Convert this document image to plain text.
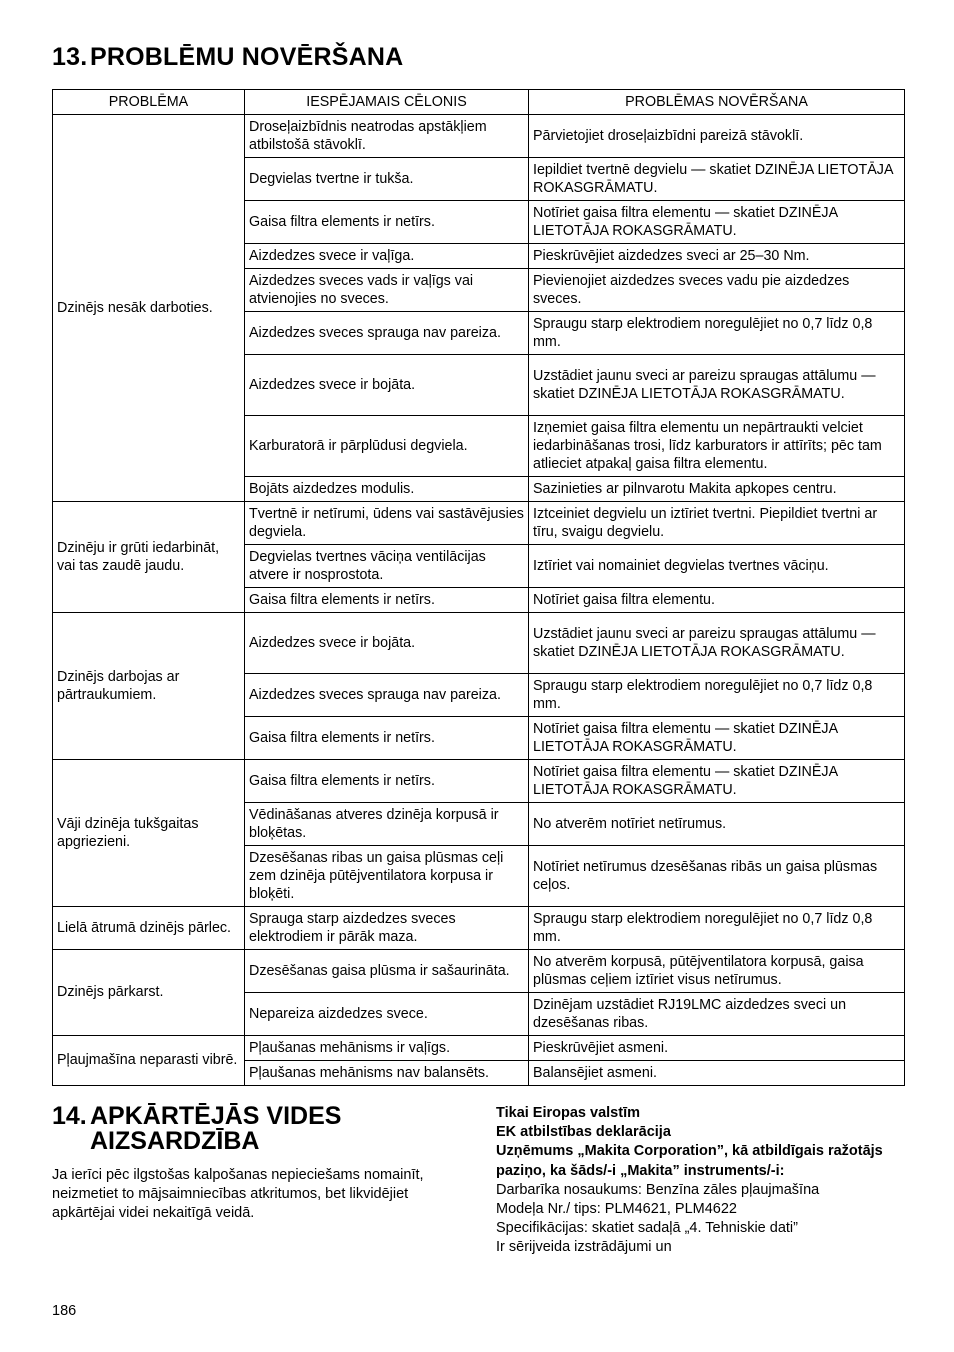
13. PROBLĒMU NOVĒRŠANA
PROBLĒMA	IESPĒJAMAIS CĒLONIS	PROBLĒMAS NOVĒRŠANA
Dzinējs nesāk darboties.	Droseļaizbīdnis neatrodas apstākļiem atbilstošā stāvoklī.	Pārvietojiet droseļaizbīdni pareizā stāvoklī.
	Degvielas tvertne ir tukša.	Iepildiet tvertnē degvielu — skatiet DZINĒJA LIETOTĀJA ROKASGRĀMATU.
	Gaisa filtra elements ir netīrs.	Notīriet gaisa filtra elementu — skatiet DZINĒJA LIETOTĀJA ROKASGRĀMATU.
	Aizdedzes svece ir vaļīga.	Pieskrūvējiet aizdedzes sveci ar 25–30 Nm.
	Aizdedzes sveces vads ir vaļīgs vai atvienojies no sveces.	Pievienojiet aizdedzes sveces vadu pie aizdedzes sveces.
	Aizdedzes sveces sprauga nav pareiza.	Spraugu starp elektrodiem noregulējiet no 0,7 līdz 0,8 mm.
	Aizdedzes svece ir bojāta.	Uzstādiet jaunu sveci ar pareizu spraugas attālumu — skatiet DZINĒJA LIETOTĀJA ROKASGRĀMATU.
	Karburatorā ir pārplūdusi degviela.	Izņemiet gaisa filtra elementu un nepārtraukti velciet iedarbināšanas trosi, līdz karburators ir attīrīts; pēc tam atlieciet atpakaļ gaisa filtra elementu.
	Bojāts aizdedzes modulis.	Sazinieties ar pilnvarotu Makita apkopes centru.
Dzinēju ir grūti iedarbināt, vai tas zaudē jaudu.	Tvertnē ir netīrumi, ūdens vai sastāvējusies degviela.	Iztceiniet degvielu un iztīriet tvertni. Piepildiet tvertni ar tīru, svaigu degvielu.
	Degvielas tvertnes vāciņa ventilācijas atvere ir nosprostota.	Iztīriet vai nomainiet degvielas tvertnes vāciņu.
	Gaisa filtra elements ir netīrs.	Notīriet gaisa filtra elementu.
Dzinējs darbojas ar pārtraukumiem.	Aizdedzes svece ir bojāta.	Uzstādiet jaunu sveci ar pareizu spraugas attālumu — skatiet DZINĒJA LIETOTĀJA ROKASGRĀMATU.
	Aizdedzes sveces sprauga nav pareiza.	Spraugu starp elektrodiem noregulējiet no 0,7 līdz 0,8 mm.
	Gaisa filtra elements ir netīrs.	Notīriet gaisa filtra elementu — skatiet DZINĒJA LIETOTĀJA ROKASGRĀMATU.
Vāji dzinēja tukšgaitas apgriezieni.	Gaisa filtra elements ir netīrs.	Notīriet gaisa filtra elementu — skatiet DZINĒJA LIETOTĀJA ROKASGRĀMATU.
	Vēdināšanas atveres dzinēja korpusā ir bloķētas.	No atverēm notīriet netīrumus.
	Dzesēšanas ribas un gaisa plūsmas ceļi zem dzinēja pūtējventilatora korpusa ir bloķēti.	Notīriet netīrumus dzesēšanas ribās un gaisa plūsmas ceļos.
Lielā ātrumā dzinējs pārlec.	Sprauga starp aizdedzes sveces elektrodiem ir pārāk maza.	Spraugu starp elektrodiem noregulējiet no 0,7 līdz 0,8 mm.
Dzinējs pārkarst.	Dzesēšanas gaisa plūsma ir sašaurināta.	No atverēm korpusā, pūtējventilatora korpusā, gaisa plūsmas ceļiem iztīriet visus netīrumus.
	Nepareiza aizdedzes svece.	Dzinējam uzstādiet RJ19LMC aizdedzes sveci un dzesēšanas ribas.
Pļaujmašīna neparasti vibrē.	Pļaušanas mehānisms ir vaļīgs.	Pieskrūvējiet asmeni.
	Pļaušanas mehānisms nav balansēts.	Balansējiet asmeni.
14. APKĀRTĒJĀS VIDES
AIZSARDZĪBA
Ja ierīci pēc ilgstošas kalpošanas nepieciešams nomainīt, neizmetiet to mājsaimniecības atkritumos, bet likvidējiet apkārtējai videi nekaitīgā veidā.
Tikai Eiropas valstīm
EK atbilstības deklarācija
Uzņēmums „Makita Corporation”, kā atbildīgais ražotājs paziņo, ka šāds/-i „Makita” instruments/-i:
Darbarīka nosaukums: Benzīna zāles pļaujmašīna
Modeļa Nr./ tips: PLM4621, PLM4622
Specifikācijas: skatiet sadaļā „4. Tehniskie dati”
Ir sērijveida izstrādājumi un
186
